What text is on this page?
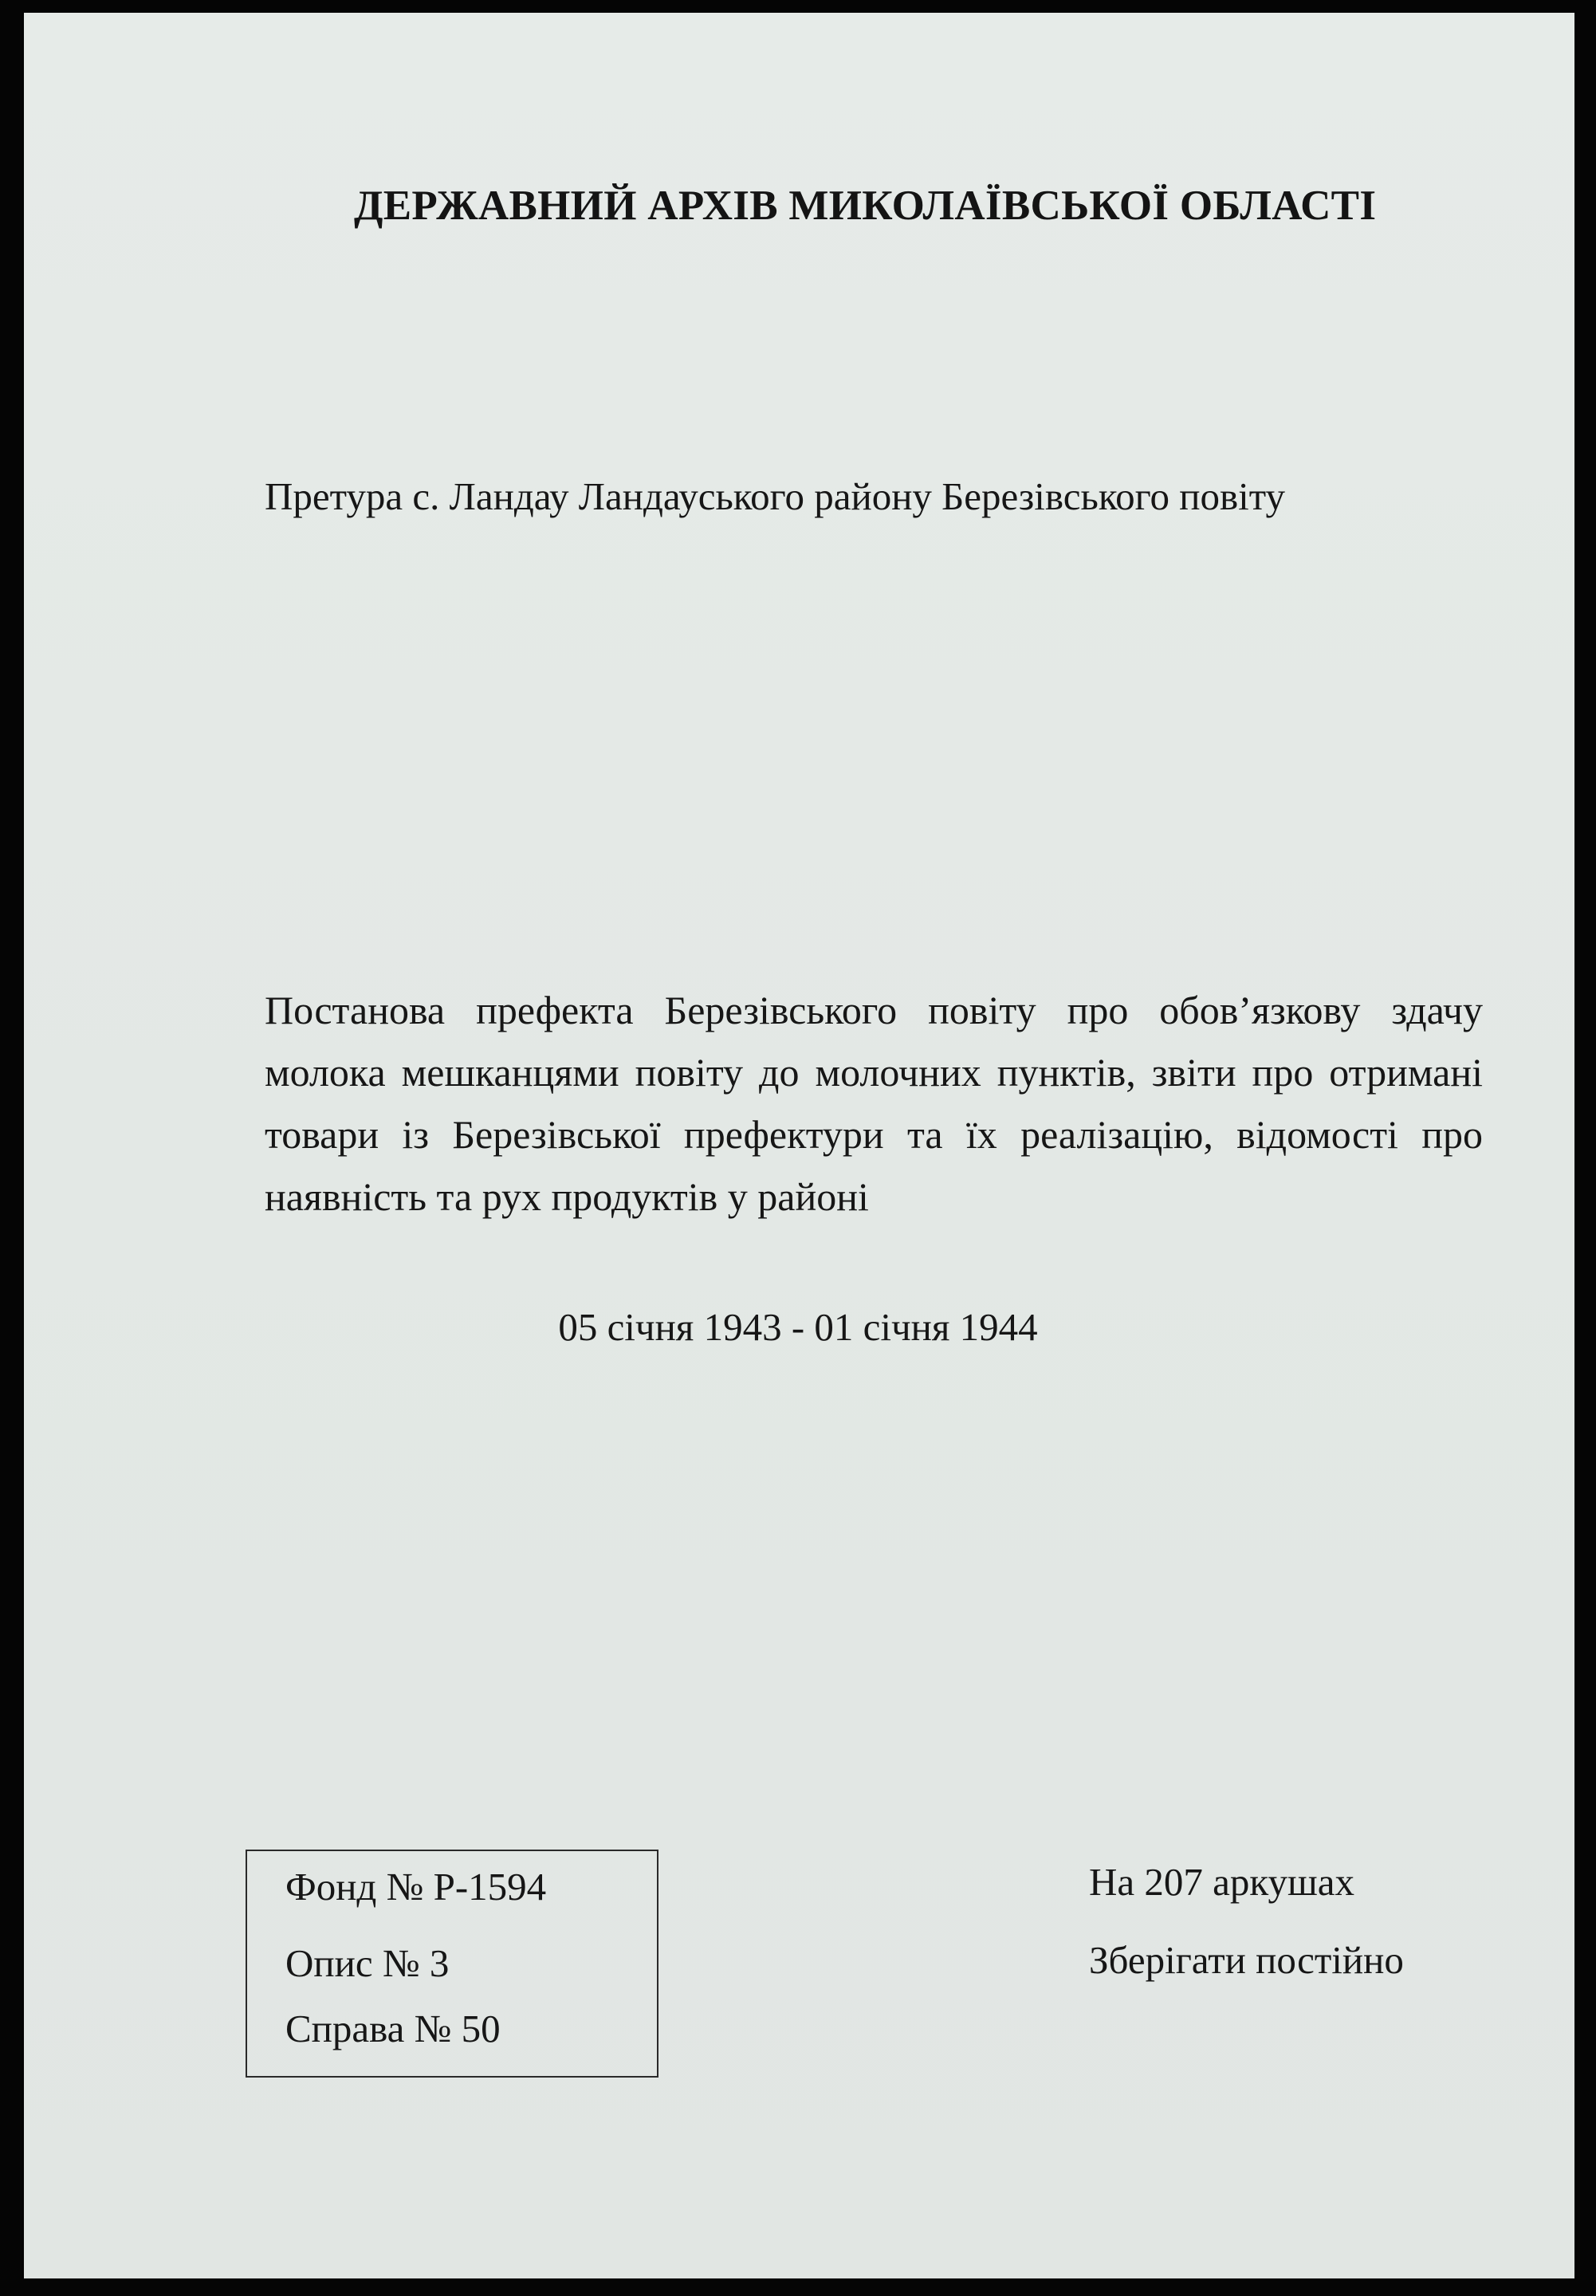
ДЕРЖАВНИЙ АРХІВ МИКОЛАЇВСЬКОЇ ОБЛАСТІ
Претура с. Ландау Ландауського району Березівського повіту
Постанова префекта Березівського повіту про обов’язкову здачу молока мешканцями повіту до молочних пунктів, звіти про отримані товари із Березівської префектури та їх реалізацію, відомості про наявність та рух продуктів у районі
Фонд № Р-1594
Опис № 3
Справа № 50
На 207 аркушах
Зберігати постійно
05 січня 1943 - 01 січня 1944
